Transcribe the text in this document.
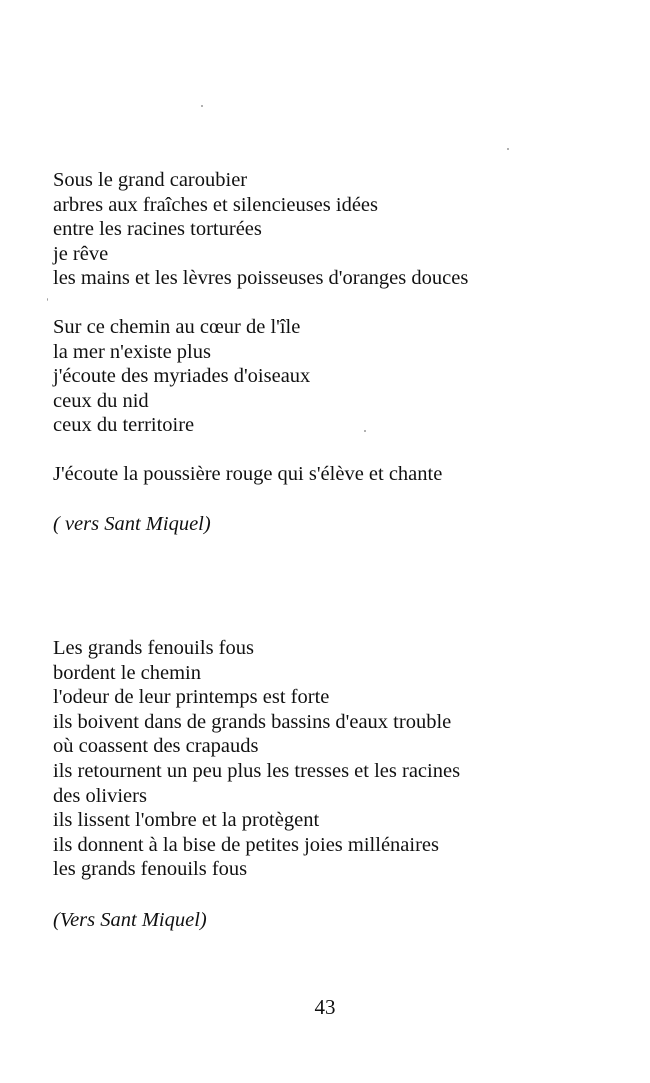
Sous le grand caroubier
arbres aux fraîches et silencieuses idées
entre les racines torturées
je rêve
les mains et les lèvres poisseuses d'oranges douces
Sur ce chemin au cœur de l'île
la mer n'existe plus
j'écoute des myriades d'oiseaux
ceux du nid
ceux du territoire
J'écoute la poussière rouge qui s'élève et chante
( vers Sant Miquel)
Les grands fenouils fous
bordent le chemin
l'odeur de leur printemps est forte
ils boivent dans de grands bassins d'eaux trouble
où coassent des crapauds
ils retournent un peu plus les tresses et les racines
des oliviers
ils lissent l'ombre et la protègent
ils donnent à la bise de petites joies millénaires
les grands fenouils fous
(Vers Sant Miquel)
43
